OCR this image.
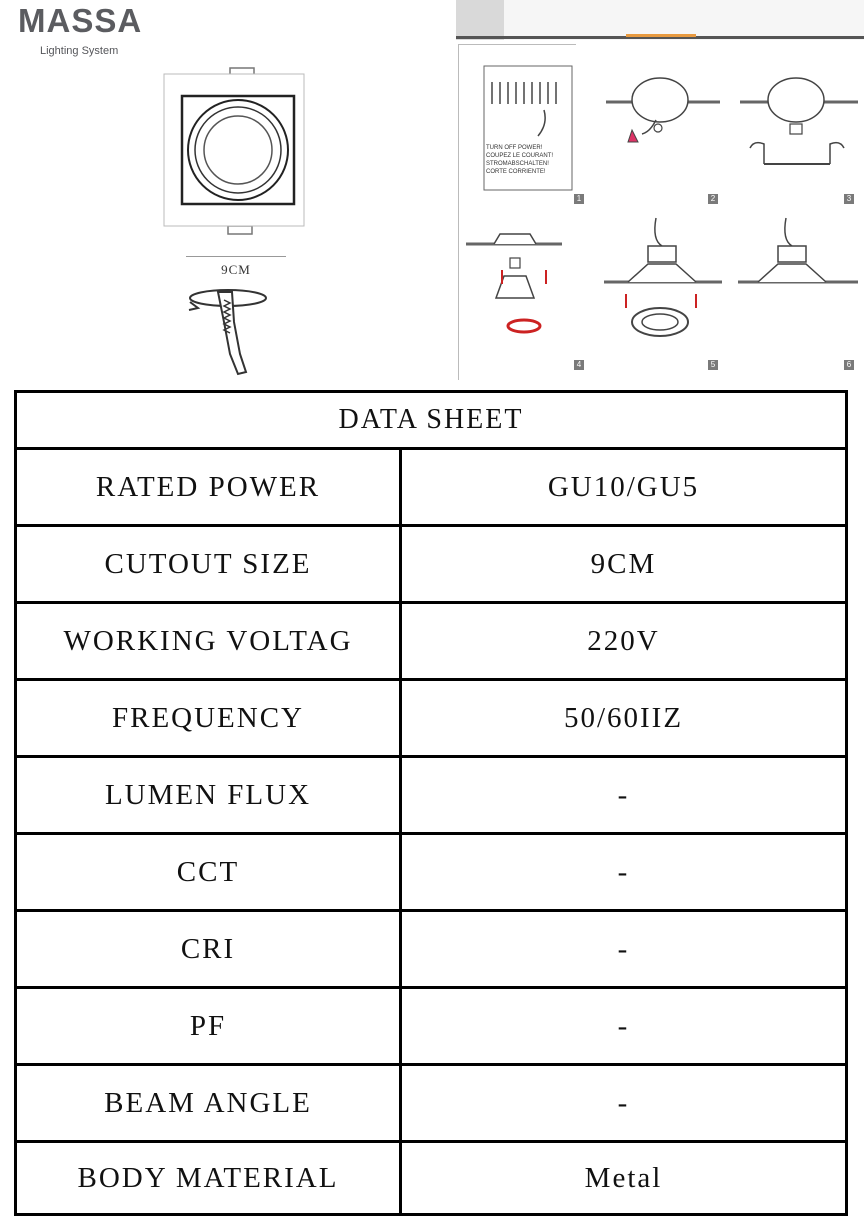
MASSA
Lighting System
9CM
TURN OFF POWER!
COUPEZ LE COURANT!
STROMABSCHALTEN!
CORTE CORRIENTE!
1	2	3
4	5	6
DATA SHEET
RATED POWER	GU10/GU5
CUTOUT SIZE	9CM
WORKING VOLTAG	220V
FREQUENCY	50/60IIZ
LUMEN FLUX	-
CCT	-
CRI	-
PF	-
BEAM ANGLE	-
BODY MATERIAL	Metal
